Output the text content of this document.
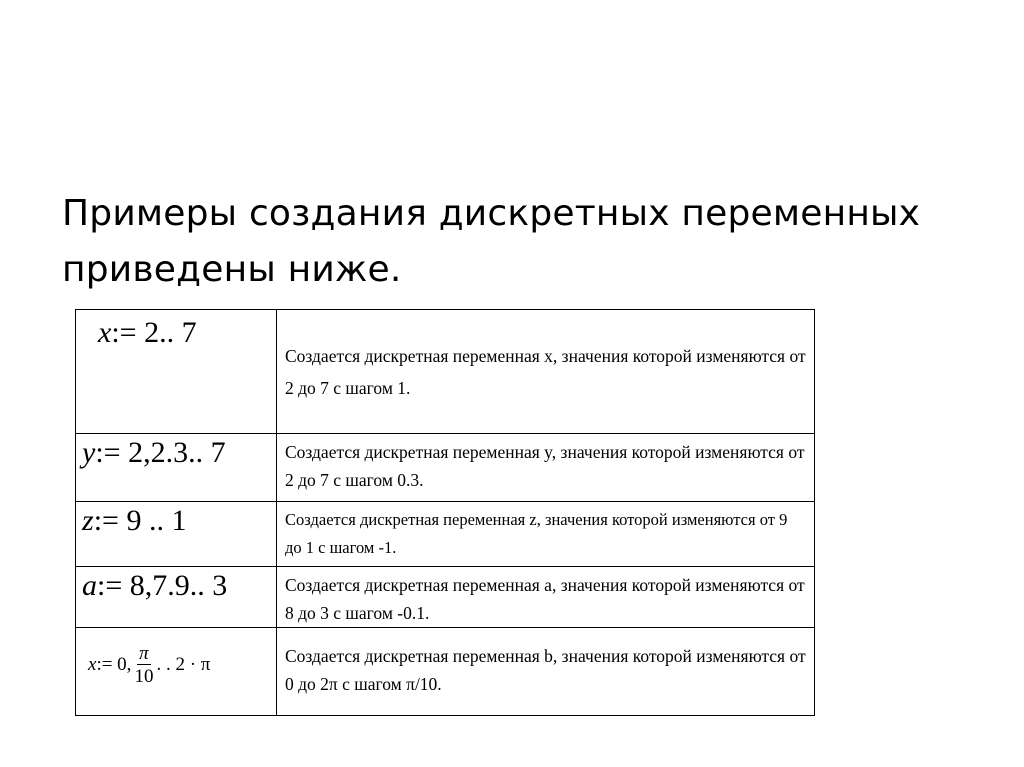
Примеры создания дискретных переменных приведены ниже.
x:= 2.. 7	Создается дискретная переменная x, значения которой изменяются от 2 до 7 с шагом 1.
y:= 2,2.3.. 7	Создается дискретная переменная y, значения которой изменяются от 2 до 7 с шагом 0.3.
z:= 9 .. 1	Создается дискретная переменная z, значения которой изменяются от 9 до 1 с шагом -1.
a:= 8,7.9.. 3	Создается дискретная переменная a, значения которой изменяются от 8 до 3 с шагом -0.1.

x := 0, $\frac{\pi}{10}$ . . 2 · π	Создается дискретная переменная b, значения которой изменяются от 0 до 2π с шагом π/10.
